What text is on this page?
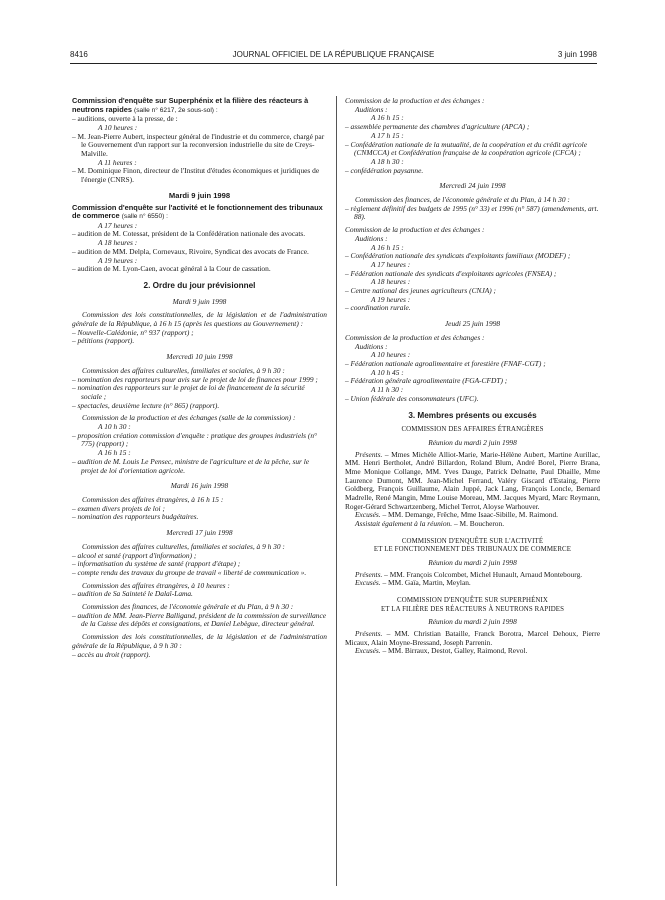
8416	JOURNAL OFFICIEL DE LA RÉPUBLIQUE FRANÇAISE	3 juin 1998

Commission d'enquête sur Superphénix et la filière des réacteurs à neutrons rapides (salle n° 6217, 2e sous-sol) :

– auditions, ouverte à la presse, de :

A 10 heures :

– M. Jean-Pierre Aubert, inspecteur général de l'industrie et du commerce, chargé par le Gouvernement d'un rapport sur la reconversion industrielle du site de Creys-Malville.

A 11 heures :

– M. Dominique Finon, directeur de l'Institut d'études économiques et juridiques de l'énergie (CNRS).

Mardi 9 juin 1998

Commission d'enquête sur l'activité et le fonctionnement des tribunaux de commerce (salle n° 6550) :

A 17 heures :

– audition de M. Cotessat, président de la Confédération nationale des avocats.

A 18 heures :

– audition de MM. Delpla, Cornevaux, Rivoire, Syndicat des avocats de France.

A 19 heures :

– audition de M. Lyon-Caen, avocat général à la Cour de cassation.

2. Ordre du jour prévisionnel

Mardi 9 juin 1998

Commission des lois constitutionnelles, de la législation et de l'administration générale de la République, à 16 h 15 (après les questions au Gouvernement) :

– Nouvelle-Calédonie, n° 937 (rapport) ;

– pétitions (rapport).

Mercredi 10 juin 1998

Commission des affaires culturelles, familiales et sociales, à 9 h 30 :

– nomination des rapporteurs pour avis sur le projet de loi de finances pour 1999 ;

– nomination des rapporteurs sur le projet de loi de financement de la sécurité sociale ;

– spectacles, deuxième lecture (n° 865) (rapport).

Commission de la production et des échanges (salle de la commission) :

A 10 h 30 :

– proposition création commission d'enquête : pratique des groupes industriels (n° 775) (rapport) ;

A 16 h 15 :

– audition de M. Louis Le Pensec, ministre de l'agriculture et de la pêche, sur le projet de loi d'orientation agricole.

Mardi 16 juin 1998

Commission des affaires étrangères, à 16 h 15 :

– examen divers projets de loi ;

– nomination des rapporteurs budgétaires.

Mercredi 17 juin 1998

Commission des affaires culturelles, familiales et sociales, à 9 h 30 :

– alcool et santé (rapport d'information) ;

– informatisation du système de santé (rapport d'étape) ;

– compte rendu des travaux du groupe de travail « liberté de communication ».

Commission des affaires étrangères, à 10 heures :

– audition de Sa Sainteté le Dalaï-Lama.

Commission des finances, de l'économie générale et du Plan, à 9 h 30 :

– audition de MM. Jean-Pierre Balligand, président de la commission de surveillance de la Caisse des dépôts et consignations, et Daniel Lebègue, directeur général.

Commission des lois constitutionnelles, de la législation et de l'administration générale de la République, à 9 h 30 :

– accès au droit (rapport).

Commission de la production et des échanges :

Auditions :

A 16 h 15 :

– assemblée permanente des chambres d'agriculture (APCA) ;

A 17 h 15 :

– Confédération nationale de la mutualité, de la coopération et du crédit agricole (CNMCCA) et Confédération française de la coopération agricole (CFCA) ;

A 18 h 30 :

– confédération paysanne.

Mercredi 24 juin 1998

Commission des finances, de l'économie générale et du Plan, à 14 h 30 :

– règlement définitif des budgets de 1995 (n° 33) et 1996 (n° 587) (amendements, art. 88).

Commission de la production et des échanges :

Auditions :

A 16 h 15 :

– Confédération nationale des syndicats d'exploitants familiaux (MODEF) ;

A 17 heures :

– Fédération nationale des syndicats d'exploitants agricoles (FNSEA) ;

A 18 heures :

– Centre national des jeunes agriculteurs (CNJA) ;

A 19 heures :

– coordination rurale.

Jeudi 25 juin 1998

Commission de la production et des échanges :

Auditions :

A 10 heures :

– Fédération nationale agroalimentaire et forestière (FNAF-CGT) ;

A 10 h 45 :

– Fédération générale agroalimentaire (FGA-CFDT) ;

A 11 h 30 :

– Union fédérale des consommateurs (UFC).

3. Membres présents ou excusés

COMMISSION DES AFFAIRES ÉTRANGÈRES

Réunion du mardi 2 juin 1998

Présents. – Mmes Michèle Alliot-Marie, Marie-Hélène Aubert, Martine Aurillac, MM. Henri Bertholet, André Billardon, Roland Blum, André Borel, Pierre Brana, Mme Monique Collange, MM. Yves Dauge, Patrick Delnatte, Paul Dhaille, Mme Laurence Dumont, MM. Jean-Michel Ferrand, Valéry Giscard d'Estaing, Pierre Goldberg, François Guillaume, Alain Juppé, Jack Lang, François Loncle, Bernard Madrelle, René Mangin, Mme Louise Moreau, MM. Jacques Myard, Marc Reymann, Roger-Gérard Schwartzenberg, Michel Terrot, Aloyse Warhouver.

Excusés. – MM. Demange, Frêche, Mme Isaac-Sibille, M. Raimond.

Assistait également à la réunion. – M. Boucheron.

COMMISSION D'ENQUÊTE SUR L'ACTIVITÉ
ET LE FONCTIONNEMENT DES TRIBUNAUX DE COMMERCE

Réunion du mardi 2 juin 1998

Présents. – MM. François Colcombet, Michel Hunault, Arnaud Montebourg.

Excusés. – MM. Gaïa, Martin, Meylan.

COMMISSION D'ENQUÊTE SUR SUPERPHÉNIX
ET LA FILIÈRE DES RÉACTEURS À NEUTRONS RAPIDES

Réunion du mardi 2 juin 1998

Présents. – MM. Christian Bataille, Franck Borotra, Marcel Dehoux, Pierre Micaux, Alain Moyne-Bressand, Joseph Parrenin.

Excusés. – MM. Birraux, Destot, Galley, Raimond, Revol.
